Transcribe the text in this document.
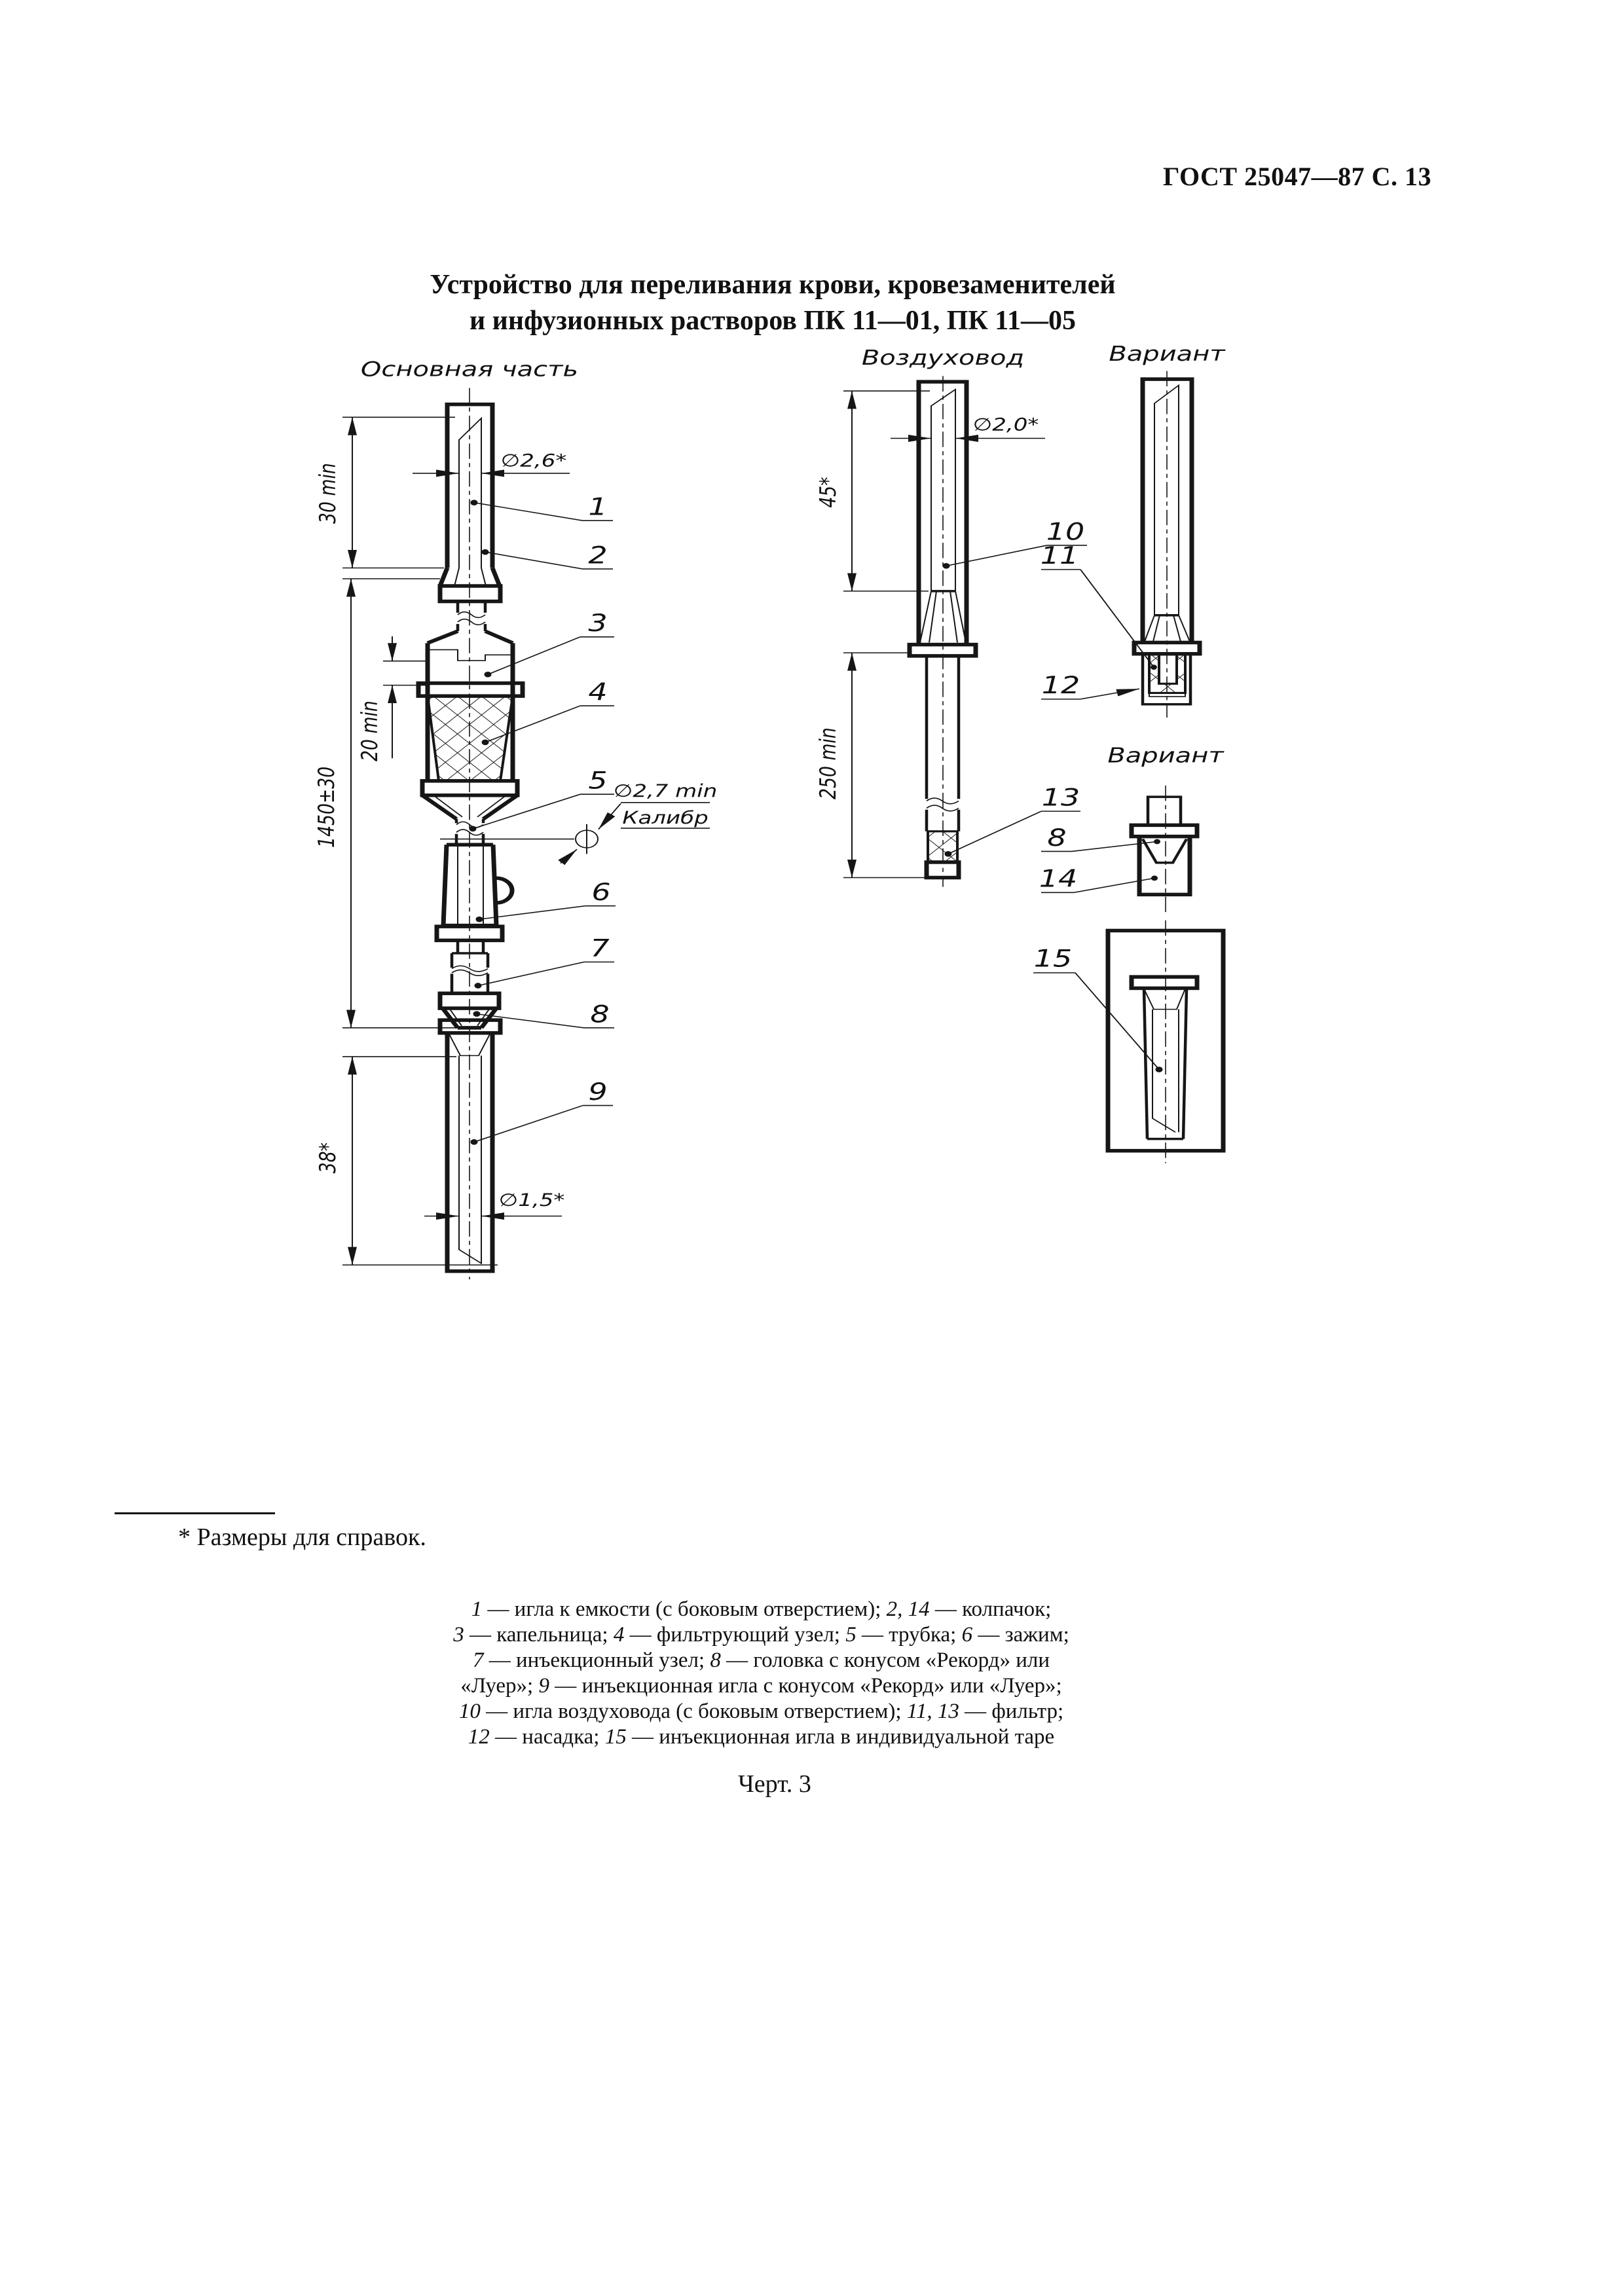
ГОСТ 25047—87 С. 13
Устройство для переливания крови, кровезаменителей
и инфузионных растворов ПК 11—01, ПК 11—05
Основная часть
30 min
∅2,6*
1450±30
20 min
∅2,7 min
Калибр
38*
∅1,5*
1
2
3
4
5
6
7
8
9
Воздуховод
45*
∅2,0*
250 min
10
13
Вариант
11
12
Вариант
8
14
15
* Размеры для справок.
1 — игла к емкости (с боковым отверстием); 2, 14 — колпачок;
3 — капельница; 4 — фильтрующий узел; 5 — трубка; 6 — зажим;
7 — инъекционный узел; 8 — головка с конусом «Рекорд» или
«Луер»; 9 — инъекционная игла с конусом «Рекорд» или «Луер»;
10 — игла воздуховода (с боковым отверстием); 11, 13 — фильтр;
12 — насадка; 15 — инъекционная игла в индивидуальной таре
Черт. 3
